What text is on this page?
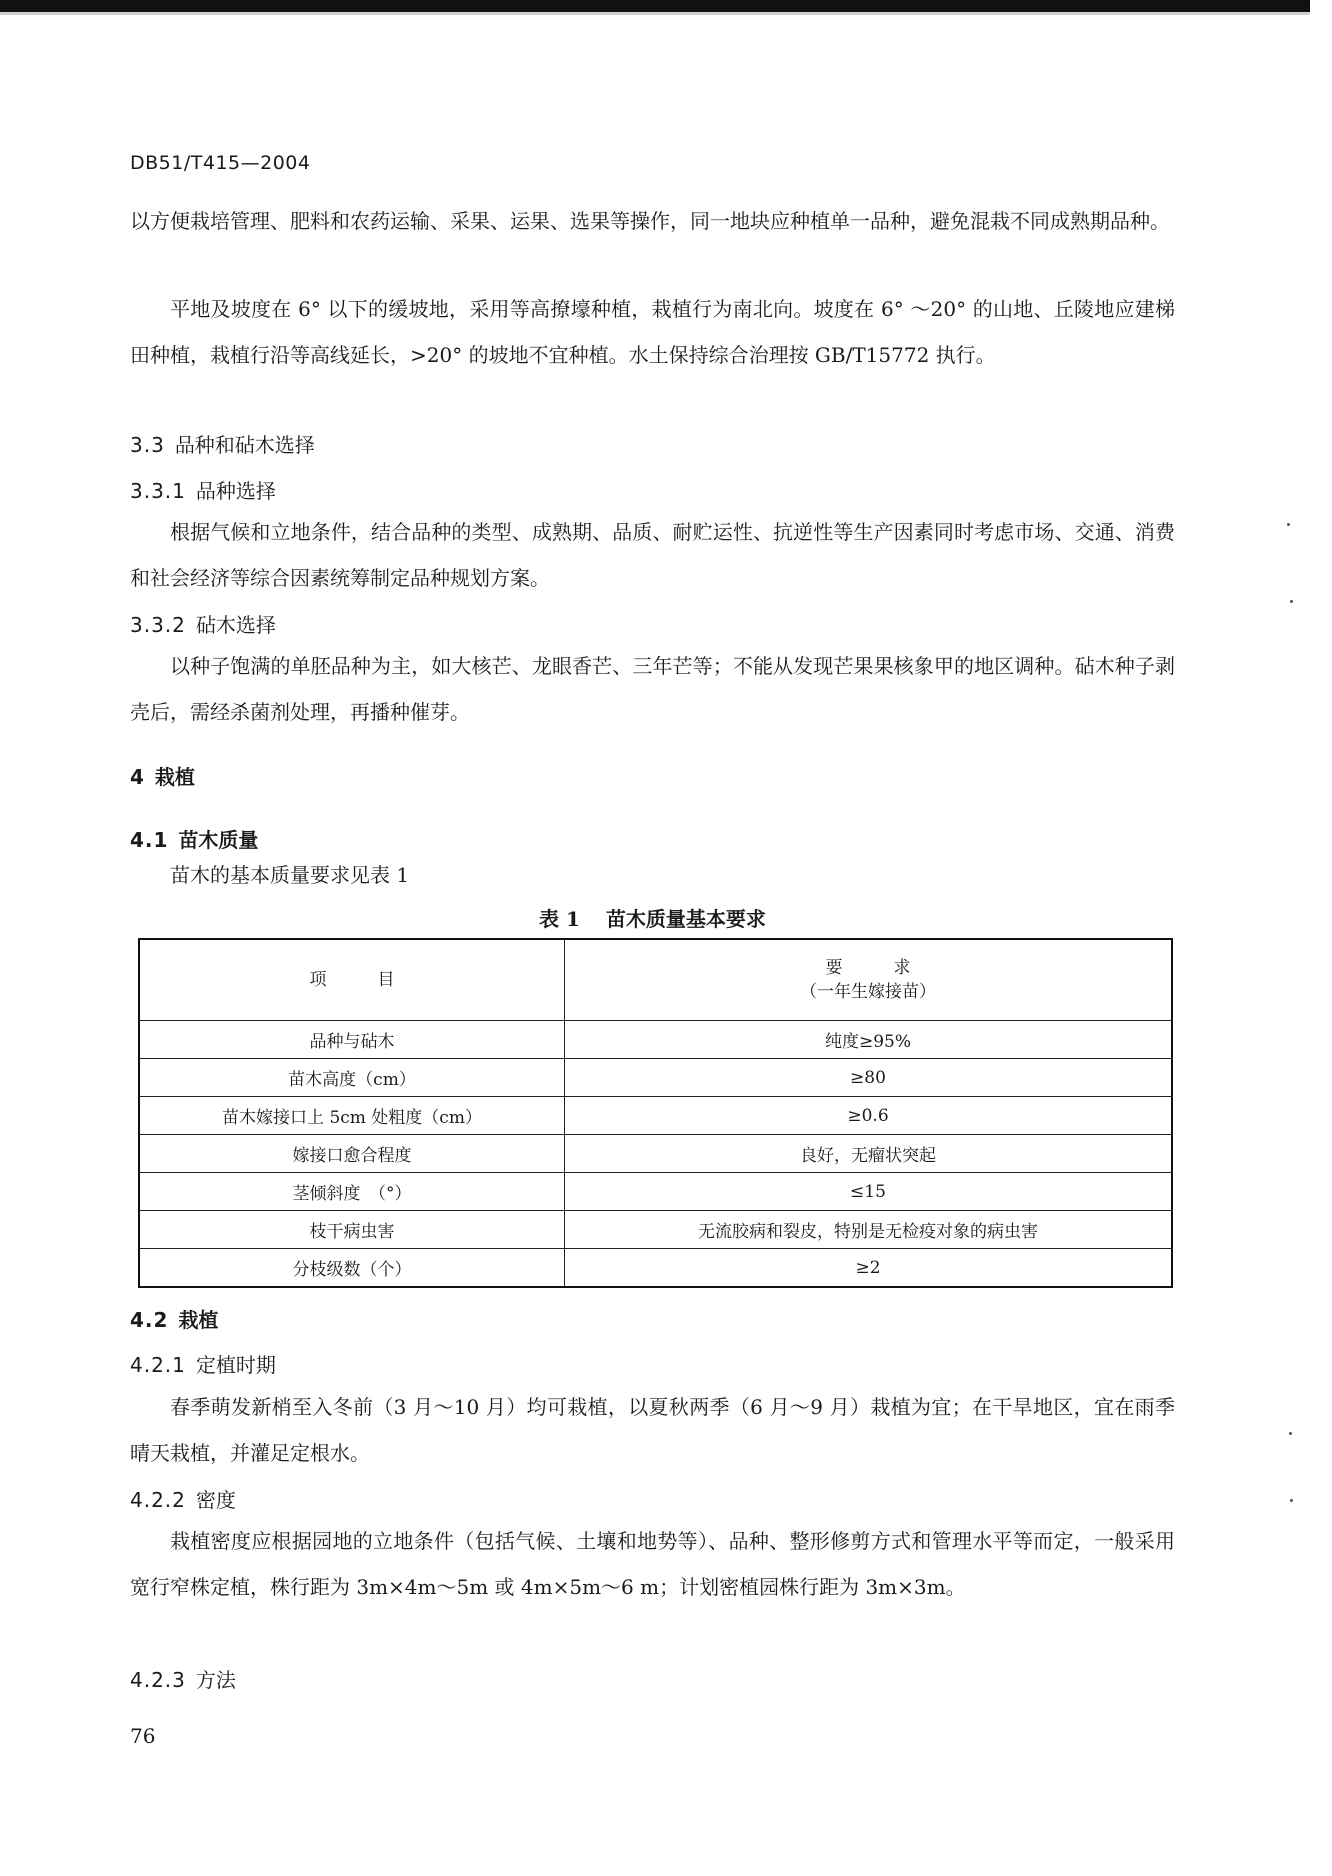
DB51/T415—2004
以方便栽培管理、肥料和农药运输、采果、运果、选果等操作，同一地块应种植单一品种，避免混栽不同成熟期品种。
平地及坡度在 6° 以下的缓坡地，采用等高撩壕种植，栽植行为南北向。坡度在 6° ～20° 的山地、丘陵地应建梯田种植，栽植行沿等高线延长，>20° 的坡地不宜种植。水土保持综合治理按 GB/T15772 执行。
3.3 品种和砧木选择
3.3.1 品种选择
根据气候和立地条件，结合品种的类型、成熟期、品质、耐贮运性、抗逆性等生产因素同时考虑市场、交通、消费和社会经济等综合因素统筹制定品种规划方案。
3.3.2 砧木选择
以种子饱满的单胚品种为主，如大核芒、龙眼香芒、三年芒等；不能从发现芒果果核象甲的地区调种。砧木种子剥壳后，需经杀菌剂处理，再播种催芽。
4 栽植
4.1 苗木质量
苗木的基本质量要求见表 1
表 1 苗木质量基本要求
项　　　目	要　　　求
（一年生嫁接苗）

品种与砧木	纯度≥95%
苗木高度（cm）	≥80
苗木嫁接口上 5cm 处粗度（cm）	≥0.6
嫁接口愈合程度	良好，无瘤状突起
茎倾斜度　（°）	≤15
枝干病虫害	无流胶病和裂皮，特别是无检疫对象的病虫害
分枝级数（个）	≥2
4.2 栽植
4.2.1 定植时期
春季萌发新梢至入冬前（3 月～10 月）均可栽植，以夏秋两季（6 月～9 月）栽植为宜；在干旱地区，宜在雨季晴天栽植，并灌足定根水。
4.2.2 密度
栽植密度应根据园地的立地条件（包括气候、土壤和地势等）、品种、整形修剪方式和管理水平等而定，一般采用宽行窄株定植，株行距为 3m×4m～5m 或 4m×5m～6 m；计划密植园株行距为 3m×3m。
4.2.3 方法
76
